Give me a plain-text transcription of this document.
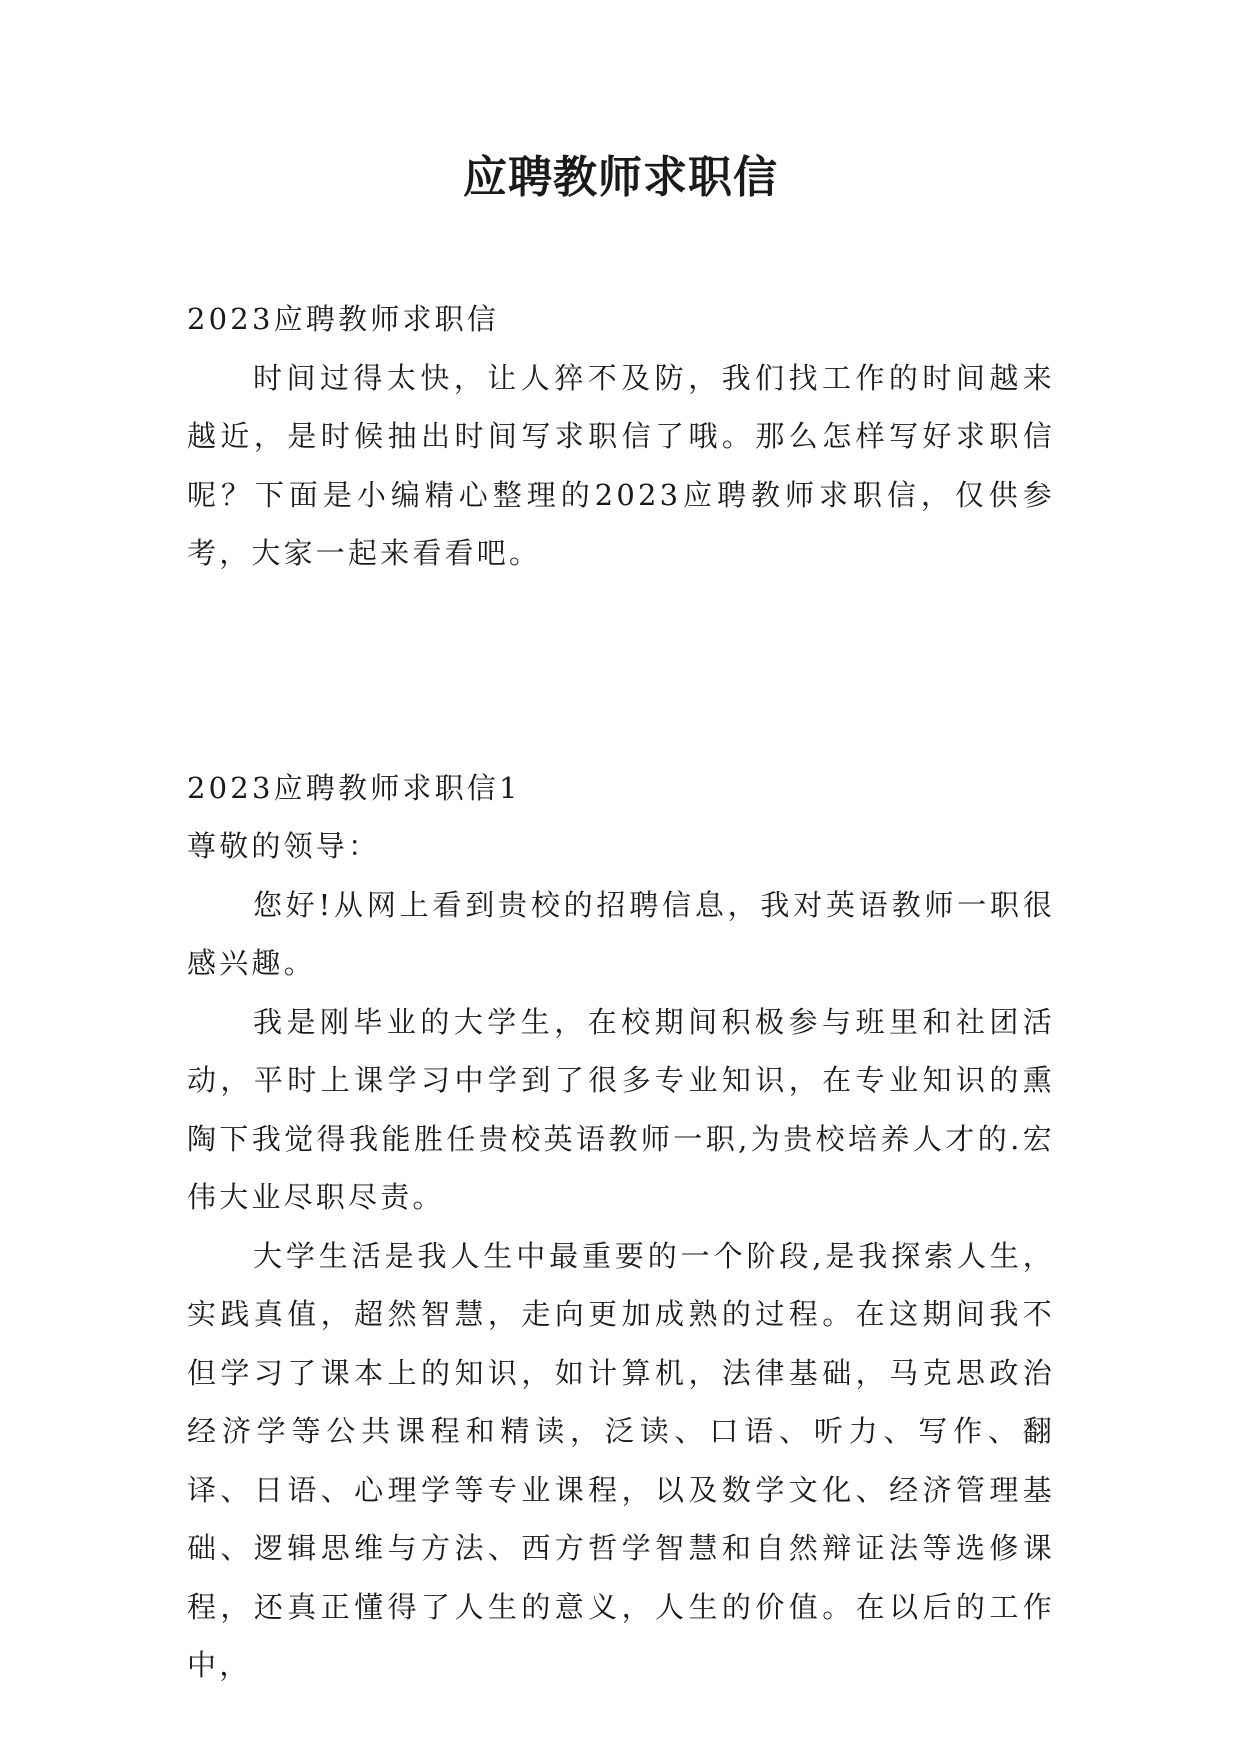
应聘教师求职信

2023应聘教师求职信

时间过得太快，让人猝不及防，我们找工作的时间越来越近，是时候抽出时间写求职信了哦。那么怎样写好求职信呢？下面是小编精心整理的2023应聘教师求职信，仅供参考，大家一起来看看吧。

2023应聘教师求职信1

尊敬的领导：

您好!从网上看到贵校的招聘信息，我对英语教师一职很感兴趣。

我是刚毕业的大学生，在校期间积极参与班里和社团活动，平时上课学习中学到了很多专业知识，在专业知识的熏陶下我觉得我能胜任贵校英语教师一职,为贵校培养人才的.宏伟大业尽职尽责。

大学生活是我人生中最重要的一个阶段,是我探索人生，实践真值，超然智慧，走向更加成熟的过程。在这期间我不但学习了课本上的知识，如计算机，法律基础，马克思政治经济学等公共课程和精读，泛读、口语、听力、写作、翻译、日语、心理学等专业课程，以及数学文化、经济管理基础、逻辑思维与方法、西方哲学智慧和自然辩证法等选修课程，还真正懂得了人生的意义，人生的价值。在以后的工作中，
